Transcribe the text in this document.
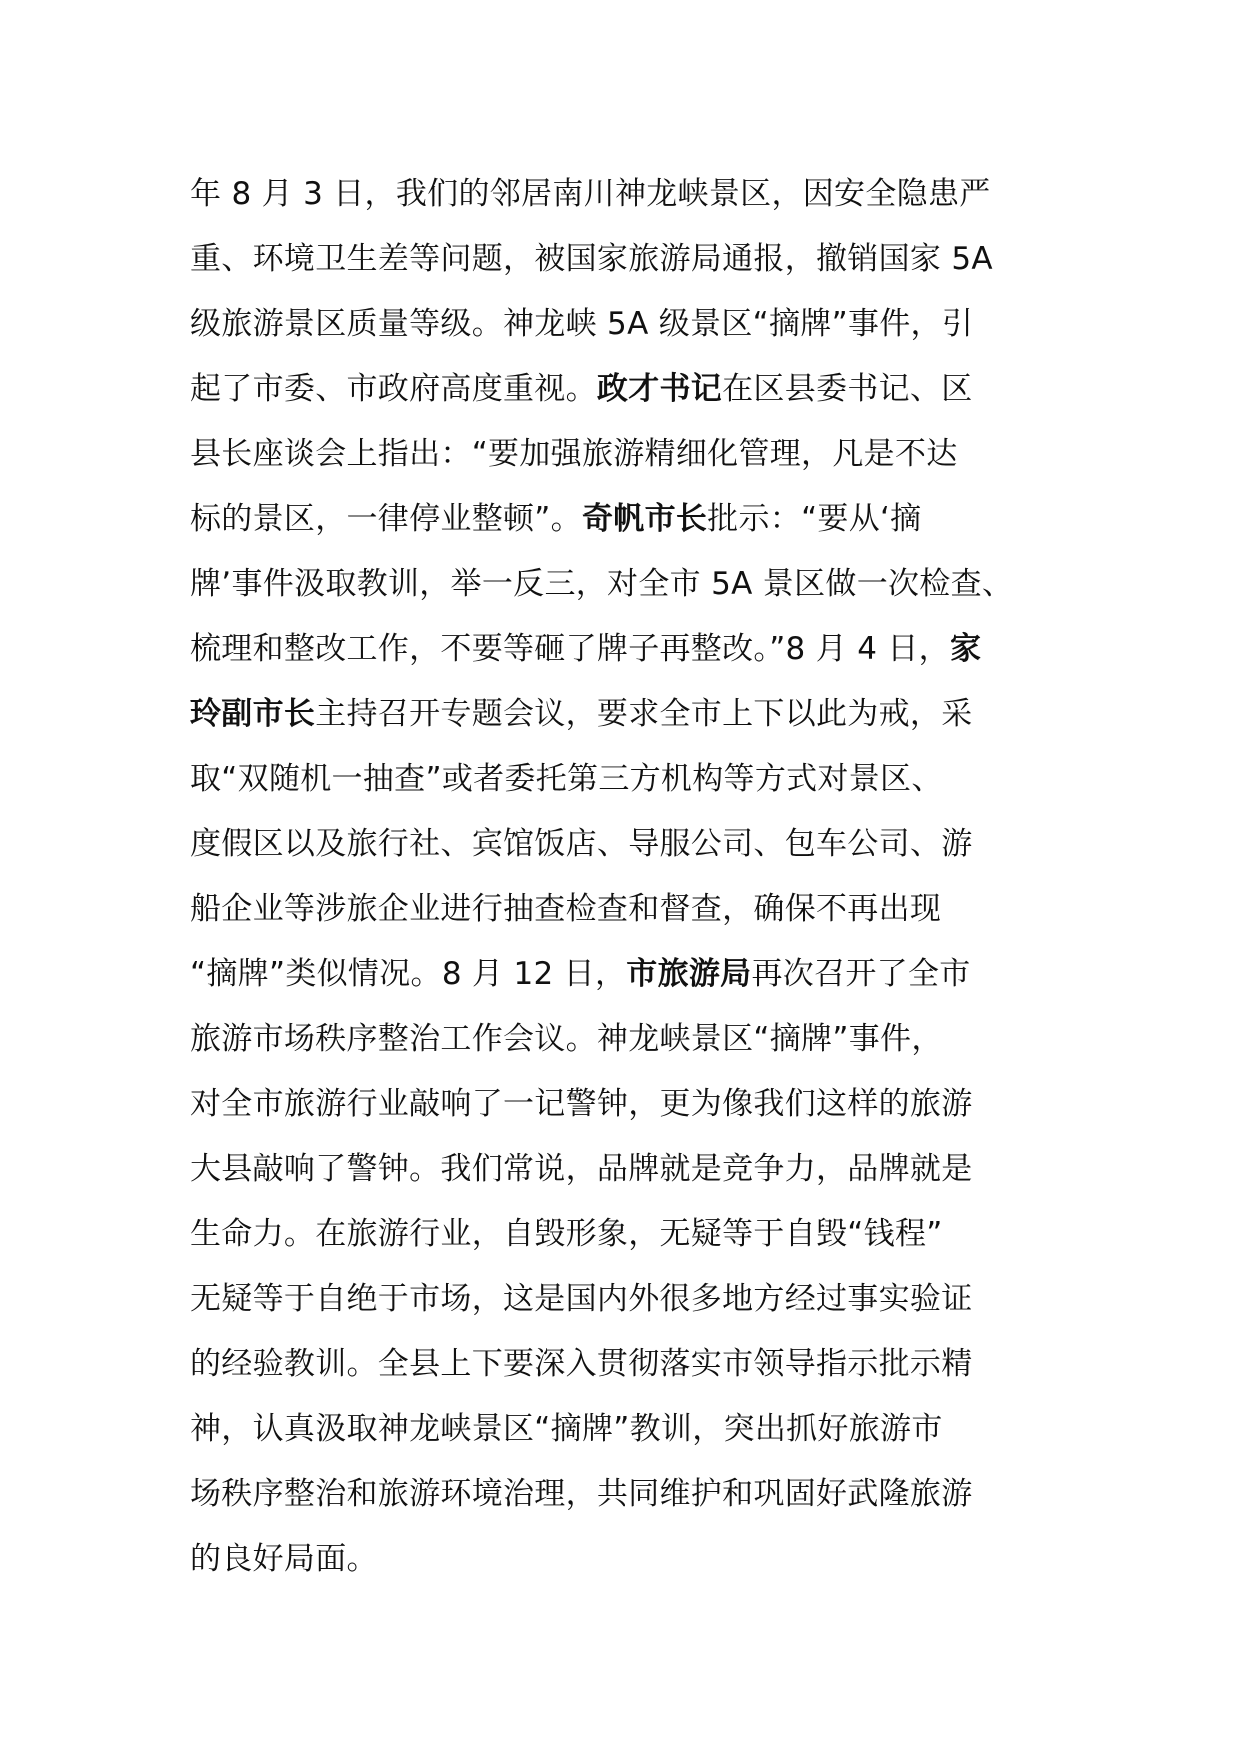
年 8 月 3 日，我们的邻居南川神龙峡景区，因安全隐患严
重、环境卫生差等问题，被国家旅游局通报，撤销国家 5A
级旅游景区质量等级。神龙峡 5A 级景区“摘牌”事件，引
起了市委、市政府高度重视。政才书记在区县委书记、区
县长座谈会上指出：“要加强旅游精细化管理，凡是不达
标的景区，一律停业整顿”。奇帆市长批示：“要从‘摘
牌’事件汲取教训，举一反三，对全市 5A 景区做一次检查、
梳理和整改工作，不要等砸了牌子再整改。”8 月 4 日，家
玲副市长主持召开专题会议，要求全市上下以此为戒，采
取“双随机一抽查”或者委托第三方机构等方式对景区、
度假区以及旅行社、宾馆饭店、导服公司、包车公司、游
船企业等涉旅企业进行抽查检查和督查，确保不再出现
“摘牌”类似情况。8 月 12 日，市旅游局再次召开了全市
旅游市场秩序整治工作会议。神龙峡景区“摘牌”事件，
对全市旅游行业敲响了一记警钟，更为像我们这样的旅游
大县敲响了警钟。我们常说，品牌就是竞争力，品牌就是
生命力。在旅游行业，自毁形象，无疑等于自毁“钱程”
无疑等于自绝于市场，这是国内外很多地方经过事实验证
的经验教训。全县上下要深入贯彻落实市领导指示批示精
神，认真汲取神龙峡景区“摘牌”教训，突出抓好旅游市
场秩序整治和旅游环境治理，共同维护和巩固好武隆旅游
的良好局面。
